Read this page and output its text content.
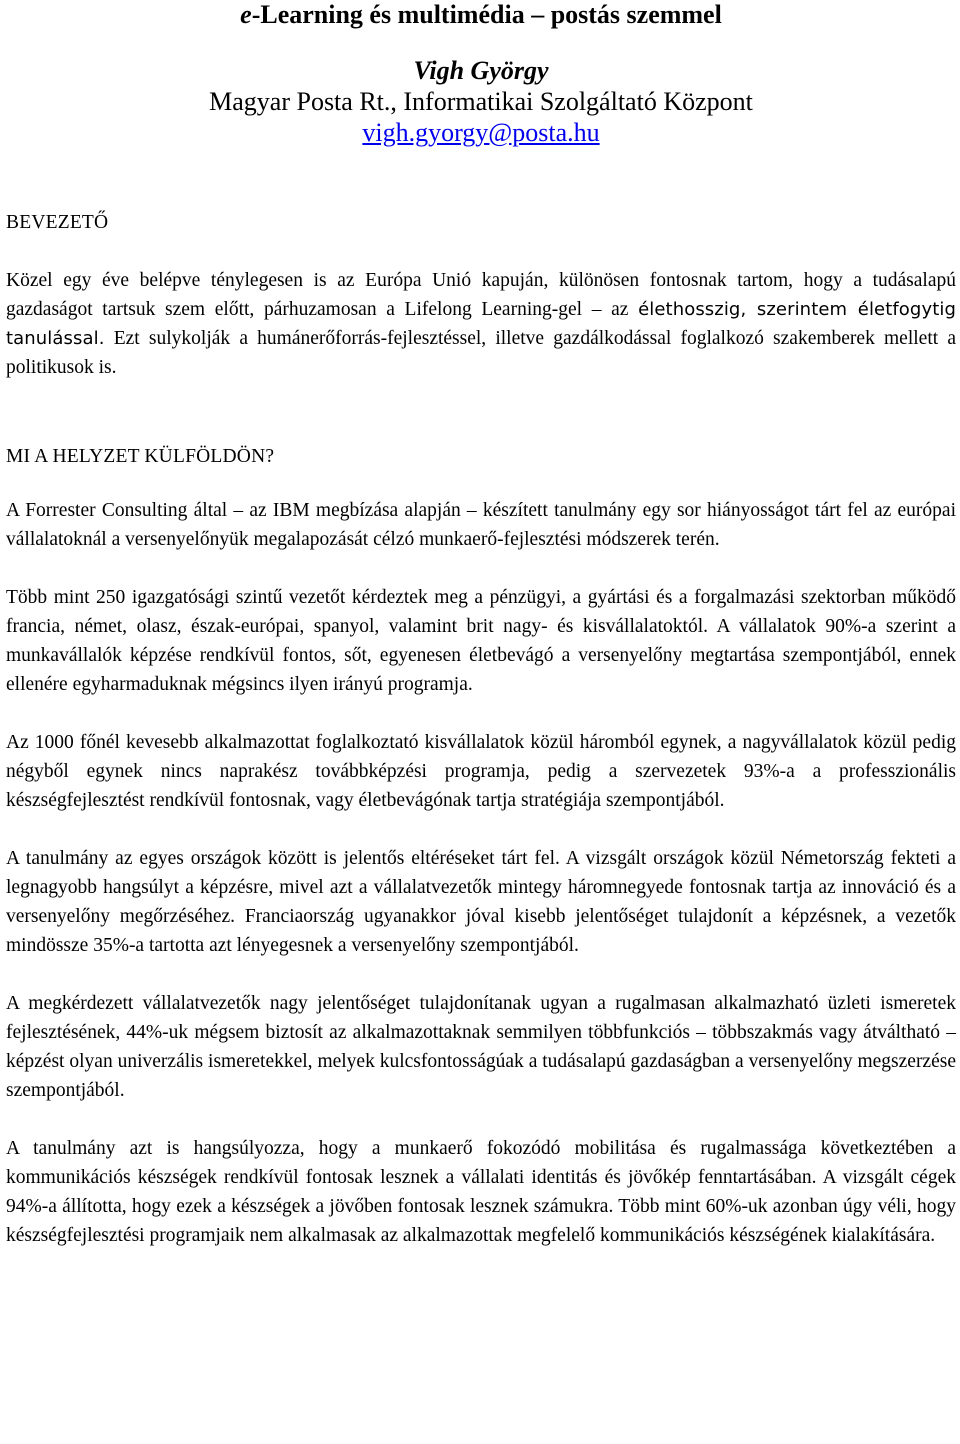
e-Learning és multimédia – postás szemmel

Vigh György

Magyar Posta Rt., Informatikai Szolgáltató Központ

vigh.gyorgy@posta.hu

BEVEZETŐ

Közel egy éve belépve ténylegesen is az Európa Unió kapuján, különösen fontosnak tartom, hogy a tudásalapú gazdaságot tartsuk szem előtt, párhuzamosan a Lifelong Learning-gel – az élethosszig, szerintem életfogytig tanulással. Ezt sulykolják a humánerőforrás-fejlesztéssel, illetve gazdálkodással foglalkozó szakemberek mellett a politikusok is.

MI A HELYZET KÜLFÖLDÖN?

A Forrester Consulting által – az IBM megbízása alapján – készített tanulmány egy sor hiányosságot tárt fel az európai vállalatoknál a versenyelőnyük megalapozását célzó munkaerő-fejlesztési módszerek terén.

Több mint 250 igazgatósági szintű vezetőt kérdeztek meg a pénzügyi, a gyártási és a forgalmazási szektorban működő francia, német, olasz, észak-európai, spanyol, valamint brit nagy- és kisvállalatoktól. A vállalatok 90%-a szerint a munkavállalók képzése rendkívül fontos, sőt, egyenesen életbevágó a versenyelőny megtartása szempontjából, ennek ellenére egyharmaduknak mégsincs ilyen irányú programja.

Az 1000 főnél kevesebb alkalmazottat foglalkoztató kisvállalatok közül háromból egynek, a nagyvállalatok közül pedig négyből egynek nincs naprakész továbbképzési programja, pedig a szervezetek 93%-a a professzionális készségfejlesztést rendkívül fontosnak, vagy életbevágónak tartja stratégiája szempontjából.

A tanulmány az egyes országok között is jelentős eltéréseket tárt fel. A vizsgált országok közül Németország fekteti a legnagyobb hangsúlyt a képzésre, mivel azt a vállalatvezetők mintegy háromnegyede fontosnak tartja az innováció és a versenyelőny megőrzéséhez. Franciaország ugyanakkor jóval kisebb jelentőséget tulajdonít a képzésnek, a vezetők mindössze 35%-a tartotta azt lényegesnek a versenyelőny szempontjából.

A megkérdezett vállalatvezetők nagy jelentőséget tulajdonítanak ugyan a rugalmasan alkalmazható üzleti ismeretek fejlesztésének, 44%-uk mégsem biztosít az alkalmazottaknak semmilyen többfunkciós – többszakmás vagy átváltható – képzést olyan univerzális ismeretekkel, melyek kulcsfontosságúak a tudásalapú gazdaságban a versenyelőny megszerzése szempontjából.

A tanulmány azt is hangsúlyozza, hogy a munkaerő fokozódó mobilitása és rugalmassága következtében a kommunikációs készségek rendkívül fontosak lesznek a vállalati identitás és jövőkép fenntartásában. A vizsgált cégek 94%-a állította, hogy ezek a készségek a jövőben fontosak lesznek számukra. Több mint 60%-uk azonban úgy véli, hogy készségfejlesztési programjaik nem alkalmasak az alkalmazottak megfelelő kommunikációs készségének kialakítására.
